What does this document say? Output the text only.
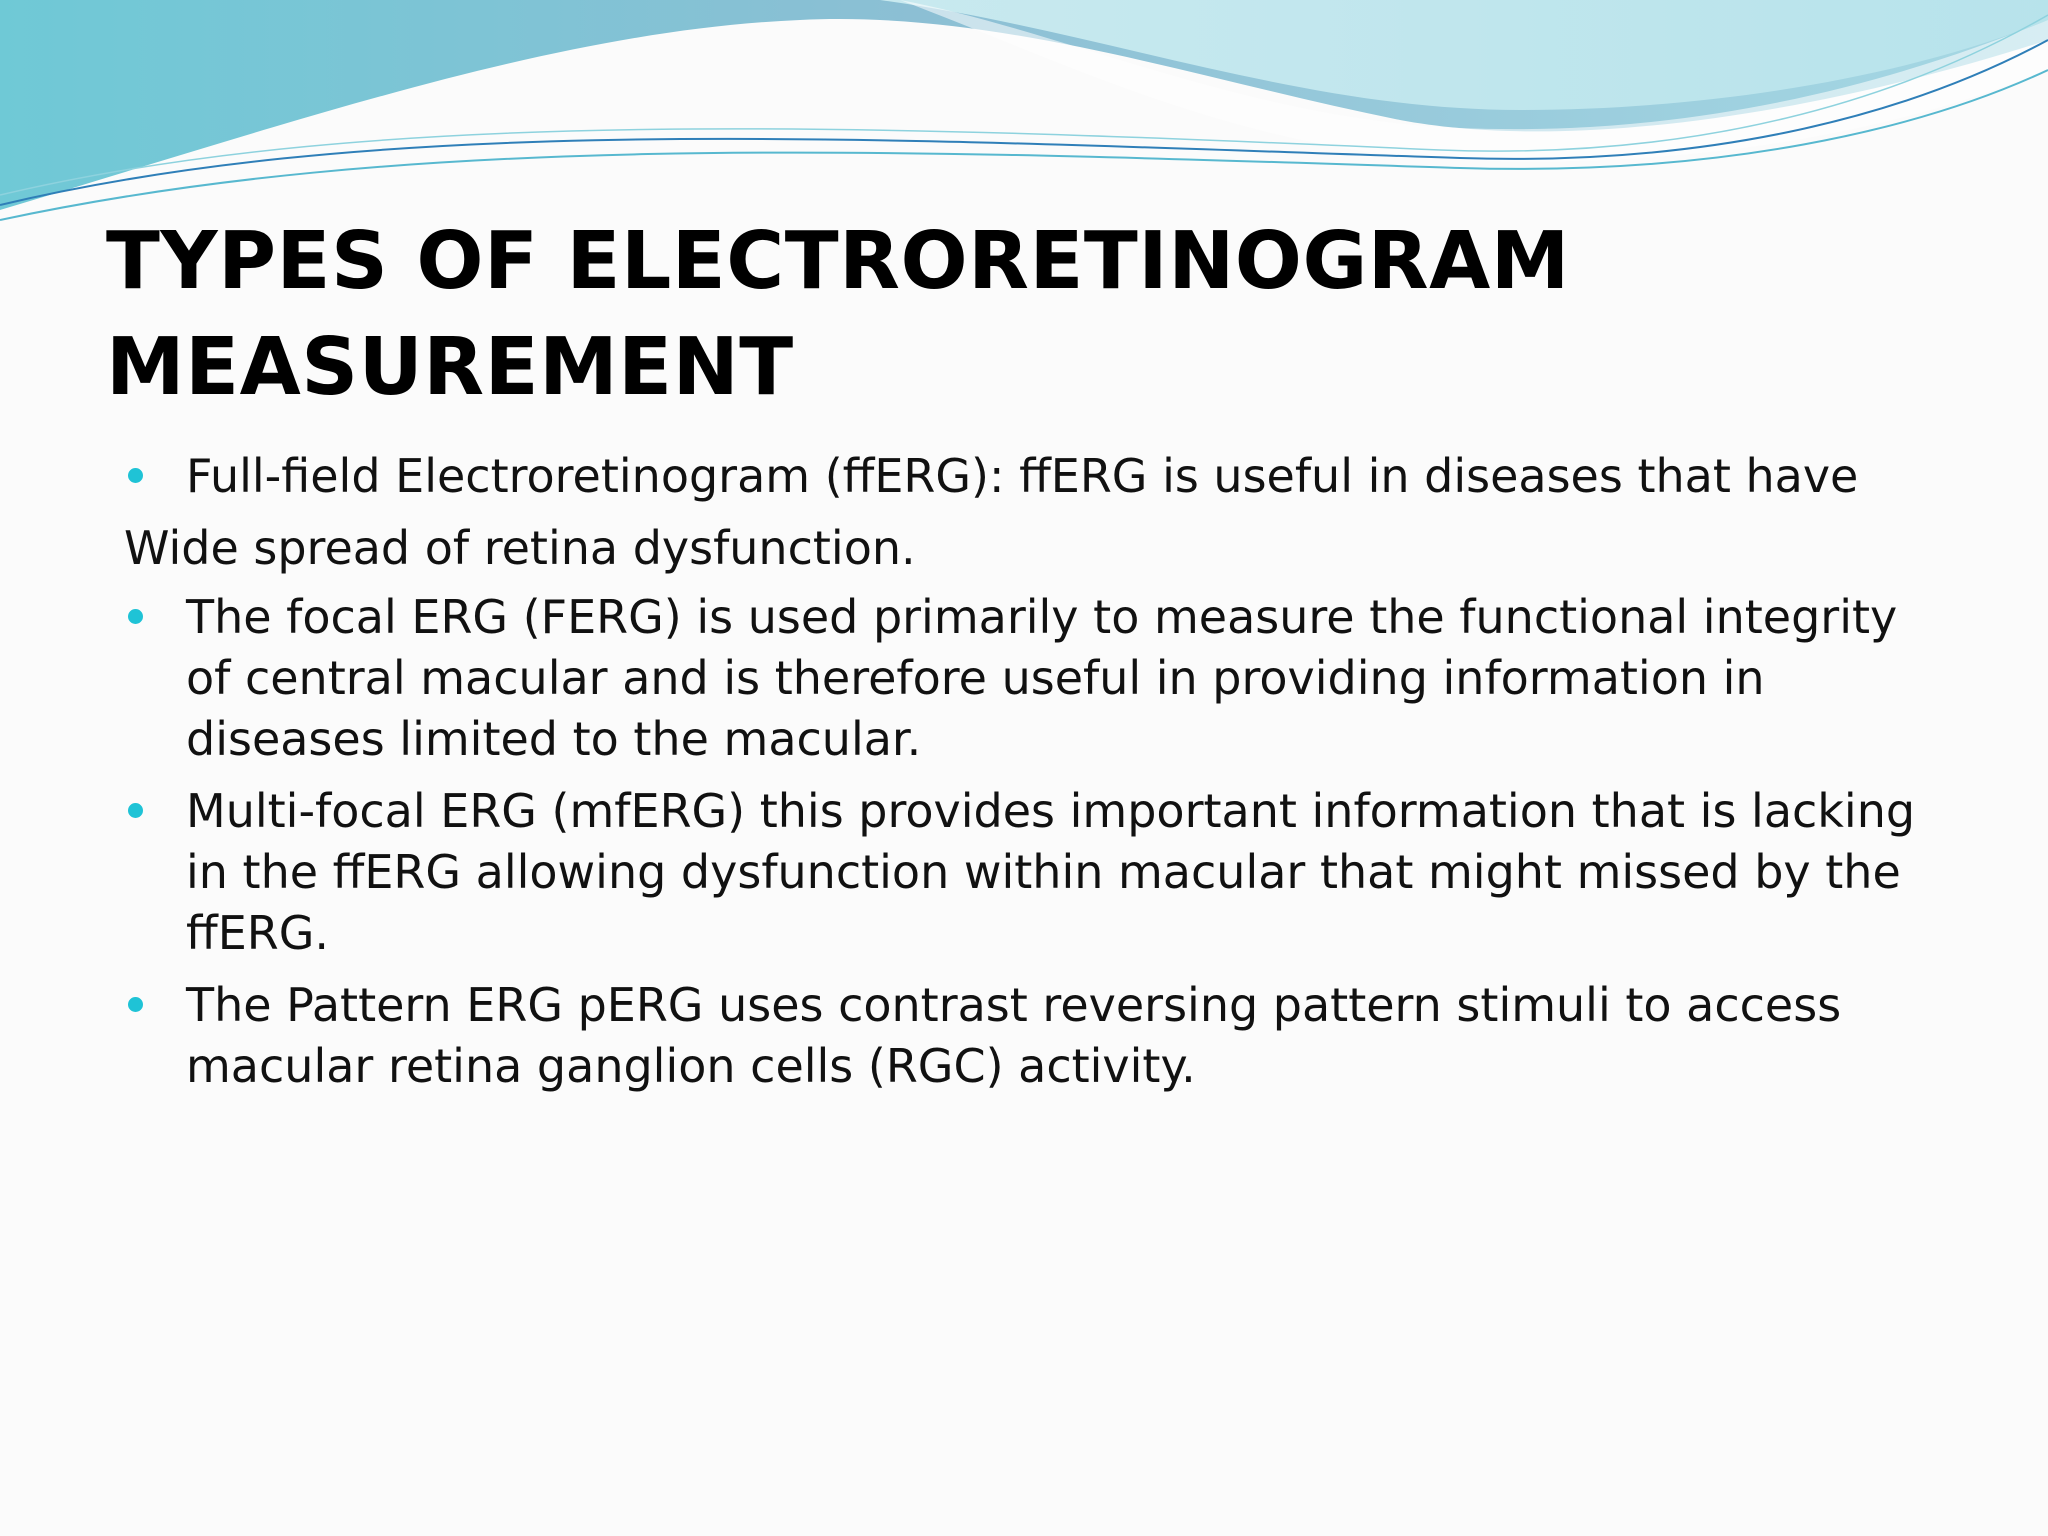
TYPES OF ELECTRORETINOGRAM
MEASUREMENT
Full-field Electroretinogram (ffERG): ffERG is useful in diseases that have
Wide spread of retina dysfunction.
The focal ERG (FERG) is used primarily to measure the functional integrity of central macular and is therefore useful in providing information in diseases limited to the macular.
Multi-focal ERG (mfERG) this provides important information that is lacking in the ffERG allowing dysfunction within macular that might missed by the ffERG.
The Pattern ERG pERG uses contrast reversing pattern stimuli to access macular retina ganglion cells (RGC) activity.
